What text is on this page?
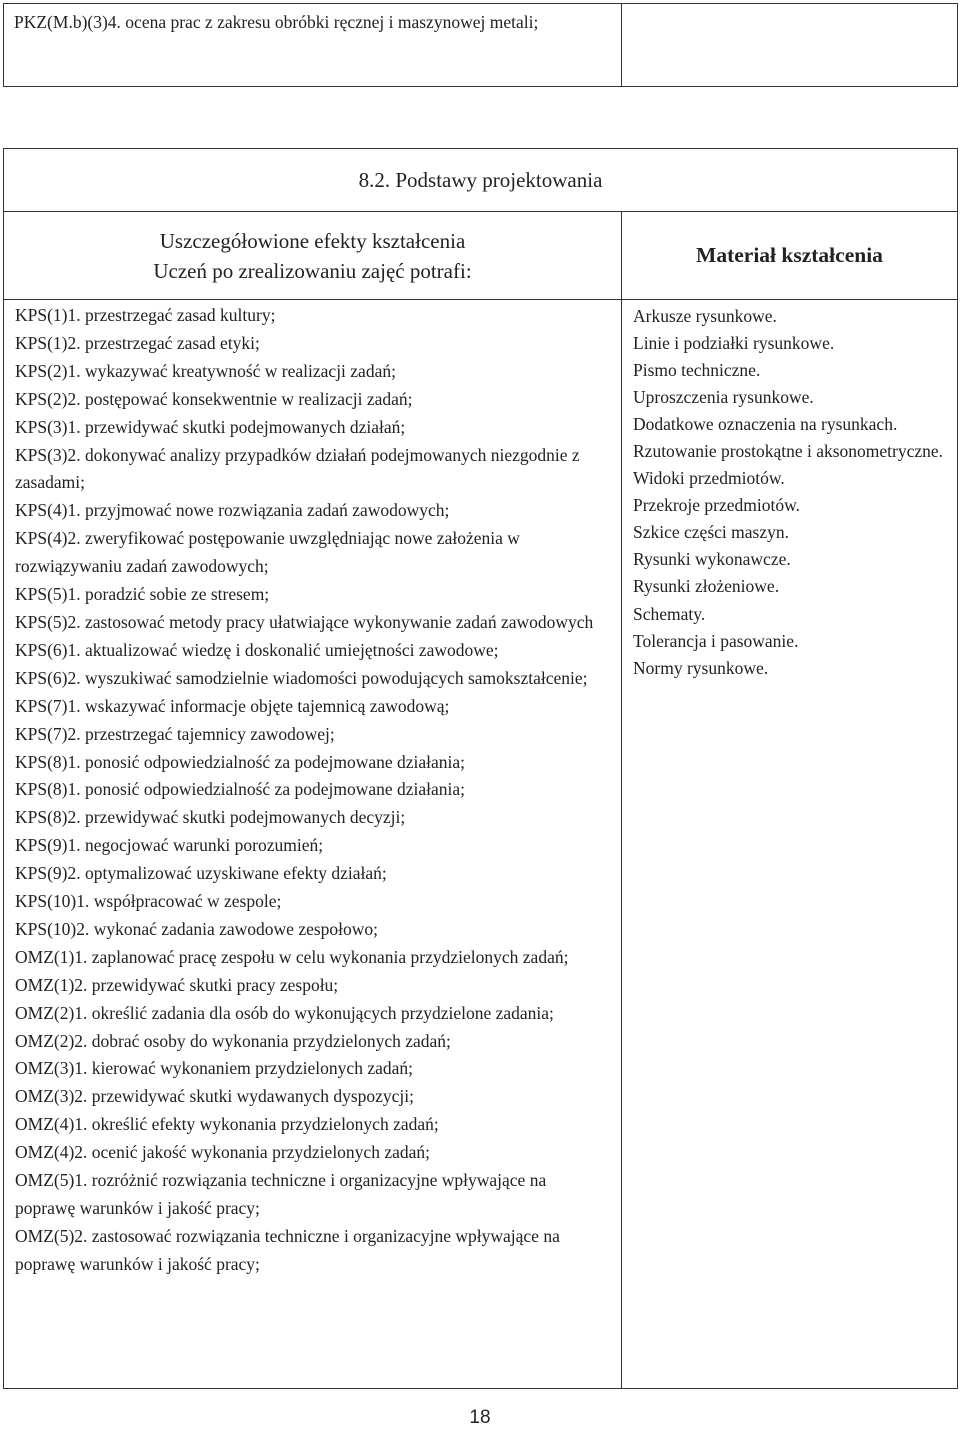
PKZ(M.b)(3)4. ocena prac z zakresu obróbki ręcznej i maszynowej metali;
8.2. Podstawy projektowania
Uszczegółowione efekty kształcenia
Uczeń po zrealizowaniu zajęć potrafi:
Materiał kształcenia
KPS(1)1. przestrzegać zasad kultury;
KPS(1)2. przestrzegać zasad etyki;
KPS(2)1. wykazywać kreatywność w realizacji zadań;
KPS(2)2. postępować konsekwentnie w realizacji zadań;
KPS(3)1. przewidywać skutki podejmowanych działań;
KPS(3)2. dokonywać analizy przypadków działań podejmowanych niezgodnie z zasadami;
KPS(4)1. przyjmować nowe rozwiązania zadań zawodowych;
KPS(4)2. zweryfikować postępowanie uwzględniając nowe założenia w rozwiązywaniu zadań zawodowych;
KPS(5)1. poradzić sobie ze stresem;
KPS(5)2. zastosować metody pracy ułatwiające wykonywanie zadań zawodowych
KPS(6)1. aktualizować wiedzę i doskonalić umiejętności zawodowe;
KPS(6)2. wyszukiwać samodzielnie wiadomości powodujących samokształcenie;
KPS(7)1. wskazywać informacje objęte tajemnicą zawodową;
KPS(7)2. przestrzegać tajemnicy zawodowej;
KPS(8)1. ponosić odpowiedzialność za podejmowane działania;
KPS(8)1. ponosić odpowiedzialność za podejmowane działania;
KPS(8)2. przewidywać skutki podejmowanych decyzji;
KPS(9)1. negocjować warunki porozumień;
KPS(9)2. optymalizować uzyskiwane efekty działań;
KPS(10)1. współpracować w zespole;
KPS(10)2. wykonać zadania zawodowe zespołowo;
OMZ(1)1. zaplanować pracę zespołu w celu wykonania przydzielonych zadań;
OMZ(1)2. przewidywać skutki pracy zespołu;
OMZ(2)1. określić zadania dla osób do wykonujących przydzielone zadania;
OMZ(2)2. dobrać osoby do wykonania przydzielonych zadań;
OMZ(3)1. kierować wykonaniem przydzielonych zadań;
OMZ(3)2. przewidywać skutki wydawanych dyspozycji;
OMZ(4)1. określić efekty wykonania przydzielonych zadań;
OMZ(4)2. ocenić jakość wykonania przydzielonych zadań;
OMZ(5)1. rozróżnić rozwiązania techniczne i organizacyjne wpływające na poprawę warunków i jakość pracy;
OMZ(5)2. zastosować rozwiązania techniczne i organizacyjne wpływające na poprawę warunków i jakość pracy;
Arkusze rysunkowe.
Linie i podziałki rysunkowe.
Pismo techniczne.
Uproszczenia rysunkowe.
Dodatkowe oznaczenia na rysunkach.
Rzutowanie prostokątne i aksonometryczne.
Widoki przedmiotów.
Przekroje przedmiotów.
Szkice części maszyn.
Rysunki wykonawcze.
Rysunki złożeniowe.
Schematy.
Tolerancja i pasowanie.
Normy rysunkowe.
18
